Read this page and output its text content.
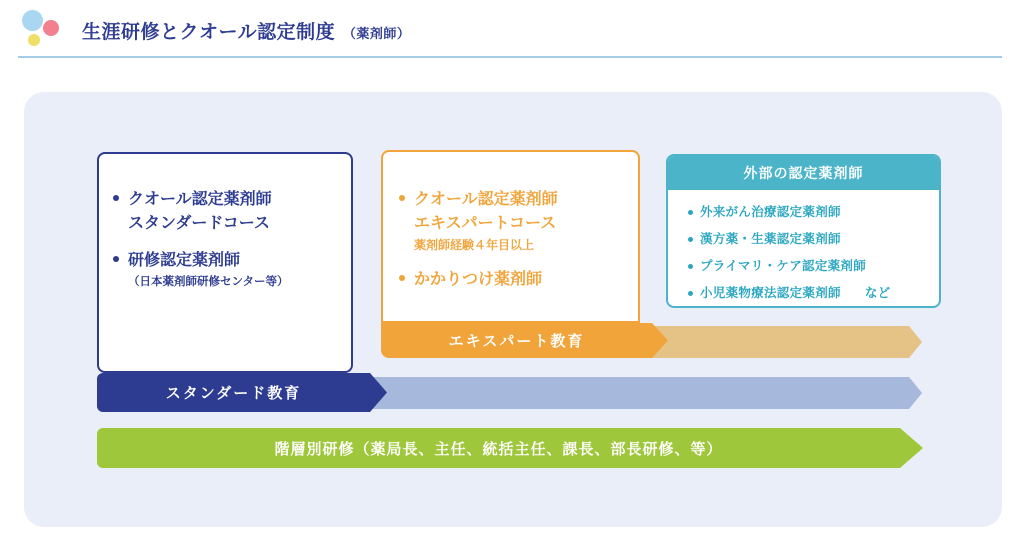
生涯研修とクオール認定制度 （薬剤師）
クオール認定薬剤師
スタンダードコース
研修認定薬剤師
（日本薬剤師研修センター等）
クオール認定薬剤師
エキスパートコース
薬剤師経験４年目以上
かかりつけ薬剤師
外部の認定薬剤師
外来がん治療認定薬剤師
漢方薬・生薬認定薬剤師
プライマリ・ケア認定薬剤師
小児薬物療法認定薬剤師 など
エキスパート教育
スタンダード教育
階層別研修（薬局長、主任、統括主任、課長、部長研修、等）
